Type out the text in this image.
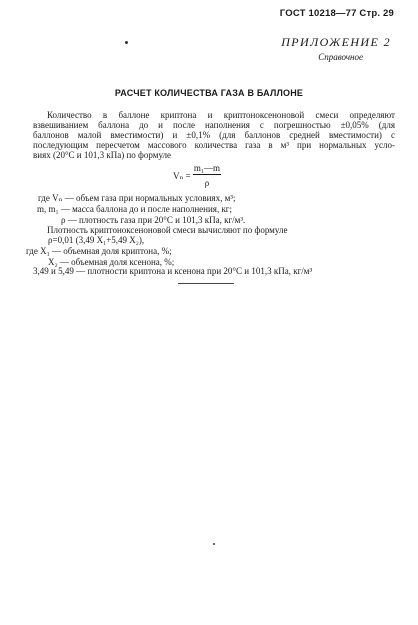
ГОСТ 10218—77 Стр. 29
ПРИЛОЖЕНИЕ 2
Справочное
РАСЧЕТ КОЛИЧЕСТВА ГАЗА В БАЛЛОНЕ
Количество в баллоне криптона и криптоноксеноновой смеси определяют
взвешиванием баллона до и после наполнения с погрешностью ±0,05% (для
баллонов малой вместимости) и ±0,1% (для баллонов средней вместимости) с
последующим пересчетом массового количества газа в м³ при нормальных усло-
виях (20°С и 101,3 кПа) по формуле
Vₙ =
m₁—m
ρ
где Vₙ — объем газа при нормальных условиях, м³;
m, m₁ — масса баллона до и после наполнения, кг;
ρ — плотность газа при 20°С и 101,3 кПа, кг/м³.
Плотность криптоноксеноновой смеси вычисляют по формуле
ρ=0,01 (3,49 X₁+5,49 X₂),
где X₁ — объемная доля криптона, %;
X₂ — объемная доля ксенона, %;
3,49 и 5,49 — плотности криптона и ксенона при 20°С и 101,3 кПа, кг/м³
